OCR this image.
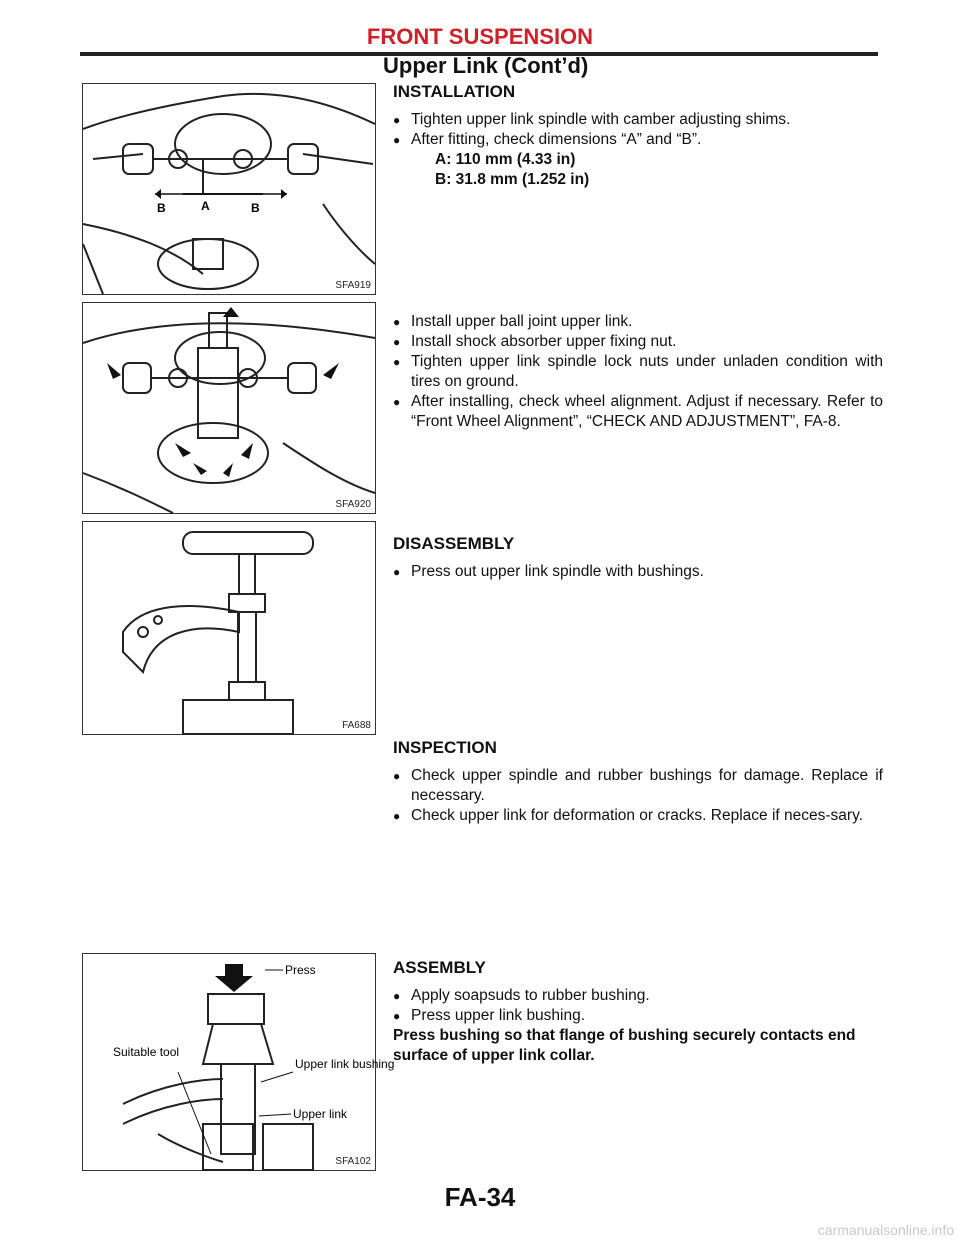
FRONT SUSPENSION
Upper Link (Cont’d)
B	A	B
SFA919
SFA920
FA688
Press
Suitable tool
Upper link bushing
Upper link
SFA102
INSTALLATION
● Tighten upper link spindle with camber adjusting shims.
● After fitting, check dimensions “A” and “B”.
A: 110 mm (4.33 in)
B: 31.8 mm (1.252 in)
● Install upper ball joint upper link.
● Install shock absorber upper fixing nut.
● Tighten upper link spindle lock nuts under unladen condition with tires on ground.
● After installing, check wheel alignment. Adjust if necessary. Refer to “Front Wheel Alignment”, “CHECK AND ADJUSTMENT”, FA-8.
DISASSEMBLY
● Press out upper link spindle with bushings.
INSPECTION
● Check upper spindle and rubber bushings for damage. Replace if necessary.
● Check upper link for deformation or cracks. Replace if neces-sary.
ASSEMBLY
● Apply soapsuds to rubber bushing.
● Press upper link bushing.
Press bushing so that flange of bushing securely contacts end surface of upper link collar.
FA-34
carmanualsonline.info
